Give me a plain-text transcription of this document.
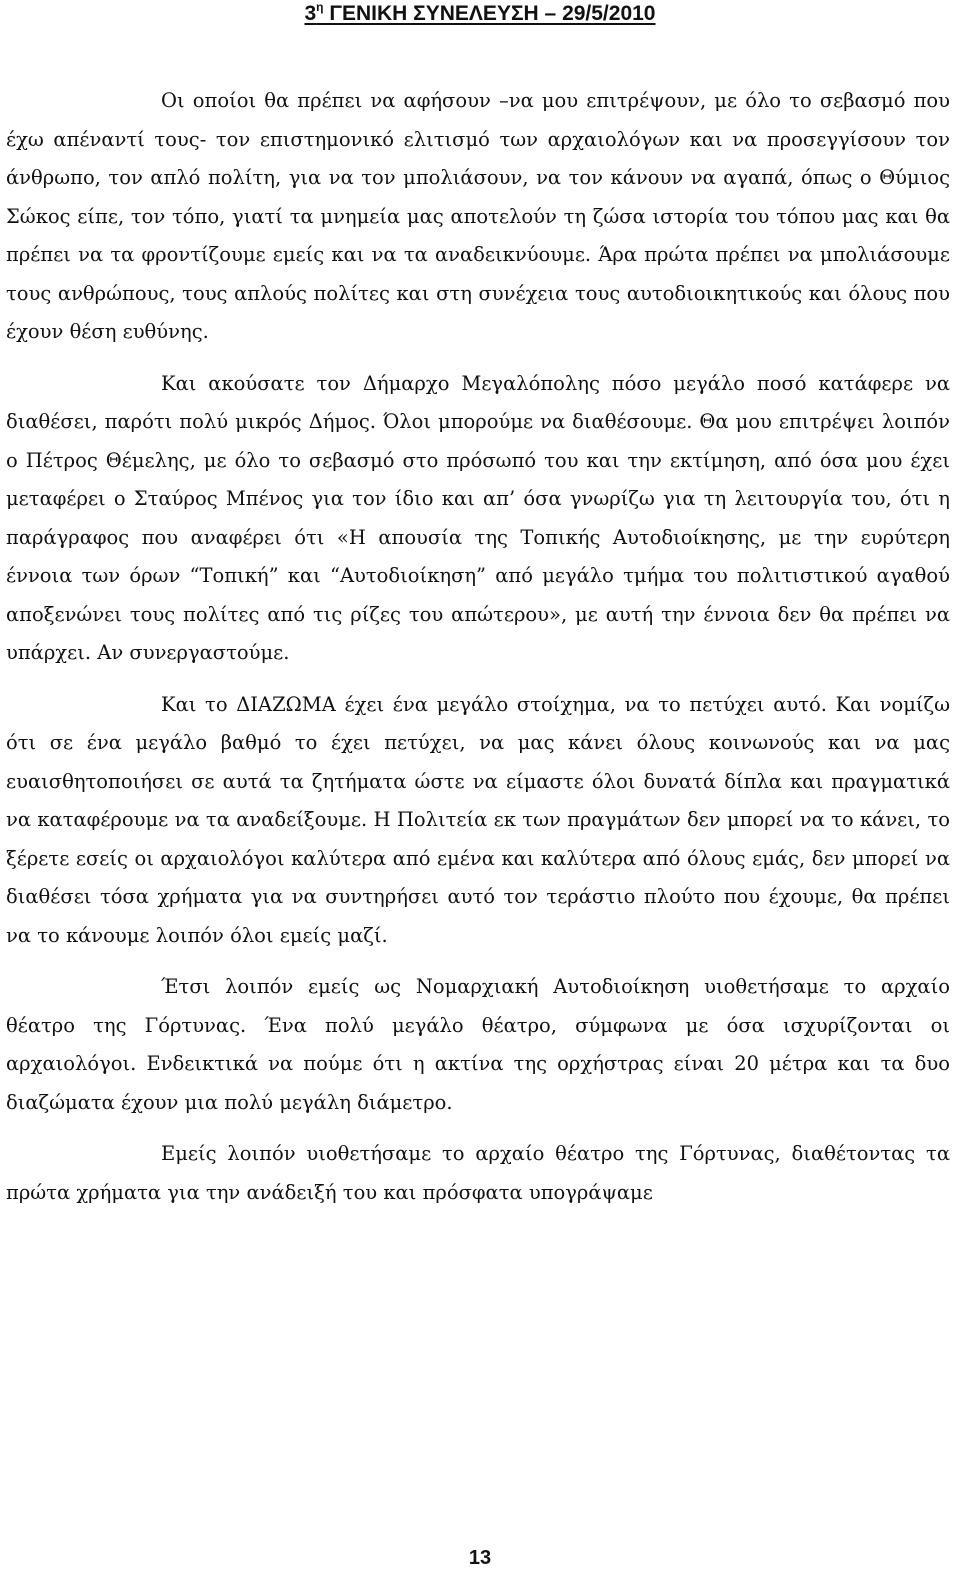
$3^\eta$ ΓΕΝΙΚΗ ΣΥΝΕΛΕΥΣΗ – 29/5/2010

Οι οποίοι θα πρέπει να αφήσουν –να μου επιτρέψουν, με όλο το σεβασμό που έχω απέναντί τους- τον επιστημονικό ελιτισμό των αρχαιολόγων και να προσεγγίσουν τον άνθρωπο, τον απλό πολίτη, για να τον μπολιάσουν, να τον κάνουν να αγαπά, όπως ο Θύμιος Σώκος είπε, τον τόπο, γιατί τα μνημεία μας αποτελούν τη ζώσα ιστορία του τόπου μας και θα πρέπει να τα φροντίζουμε εμείς και να τα αναδεικνύουμε. Άρα πρώτα πρέπει να μπολιάσουμε τους ανθρώπους, τους απλούς πολίτες και στη συνέχεια τους αυτοδιοικητικούς και όλους που έχουν θέση ευθύνης.

Και ακούσατε τον Δήμαρχο Μεγαλόπολης πόσο μεγάλο ποσό κατάφερε να διαθέσει, παρότι πολύ μικρός Δήμος. Όλοι μπορούμε να διαθέσουμε. Θα μου επιτρέψει λοιπόν ο Πέτρος Θέμελης, με όλο το σεβασμό στο πρόσωπό του και την εκτίμηση, από όσα μου έχει μεταφέρει ο Σταύρος Μπένος για τον ίδιο και απ’ όσα γνωρίζω για τη λειτουργία του, ότι η παράγραφος που αναφέρει ότι «Η απουσία της Τοπικής Αυτοδιοίκησης, με την ευρύτερη έννοια των όρων “Τοπική” και “Αυτοδιοίκηση” από μεγάλο τμήμα του πολιτιστικού αγαθού αποξενώνει τους πολίτες από τις ρίζες του απώτερου», με αυτή την έννοια δεν θα πρέπει να υπάρχει. Αν συνεργαστούμε.

Και το ΔΙΑΖΩΜΑ έχει ένα μεγάλο στοίχημα, να το πετύχει αυτό. Και νομίζω ότι σε ένα μεγάλο βαθμό το έχει πετύχει, να μας κάνει όλους κοινωνούς και να μας ευαισθητοποιήσει σε αυτά τα ζητήματα ώστε να είμαστε όλοι δυνατά δίπλα και πραγματικά να καταφέρουμε να τα αναδείξουμε. Η Πολιτεία εκ των πραγμάτων δεν μπορεί να το κάνει, το ξέρετε εσείς οι αρχαιολόγοι καλύτερα από εμένα και καλύτερα από όλους εμάς, δεν μπορεί να διαθέσει τόσα χρήματα για να συντηρήσει αυτό τον τεράστιο πλούτο που έχουμε, θα πρέπει να το κάνουμε λοιπόν όλοι εμείς μαζί.

Έτσι λοιπόν εμείς ως Νομαρχιακή Αυτοδιοίκηση υιοθετήσαμε το αρχαίο θέατρο της Γόρτυνας. Ένα πολύ μεγάλο θέατρο, σύμφωνα με όσα ισχυρίζονται οι αρχαιολόγοι. Ενδεικτικά να πούμε ότι η ακτίνα της ορχήστρας είναι 20 μέτρα και τα δυο διαζώματα έχουν μια πολύ μεγάλη διάμετρο.

Εμείς λοιπόν υιοθετήσαμε το αρχαίο θέατρο της Γόρτυνας, διαθέτοντας τα πρώτα χρήματα για την ανάδειξή του και πρόσφατα υπογράψαμε

13
